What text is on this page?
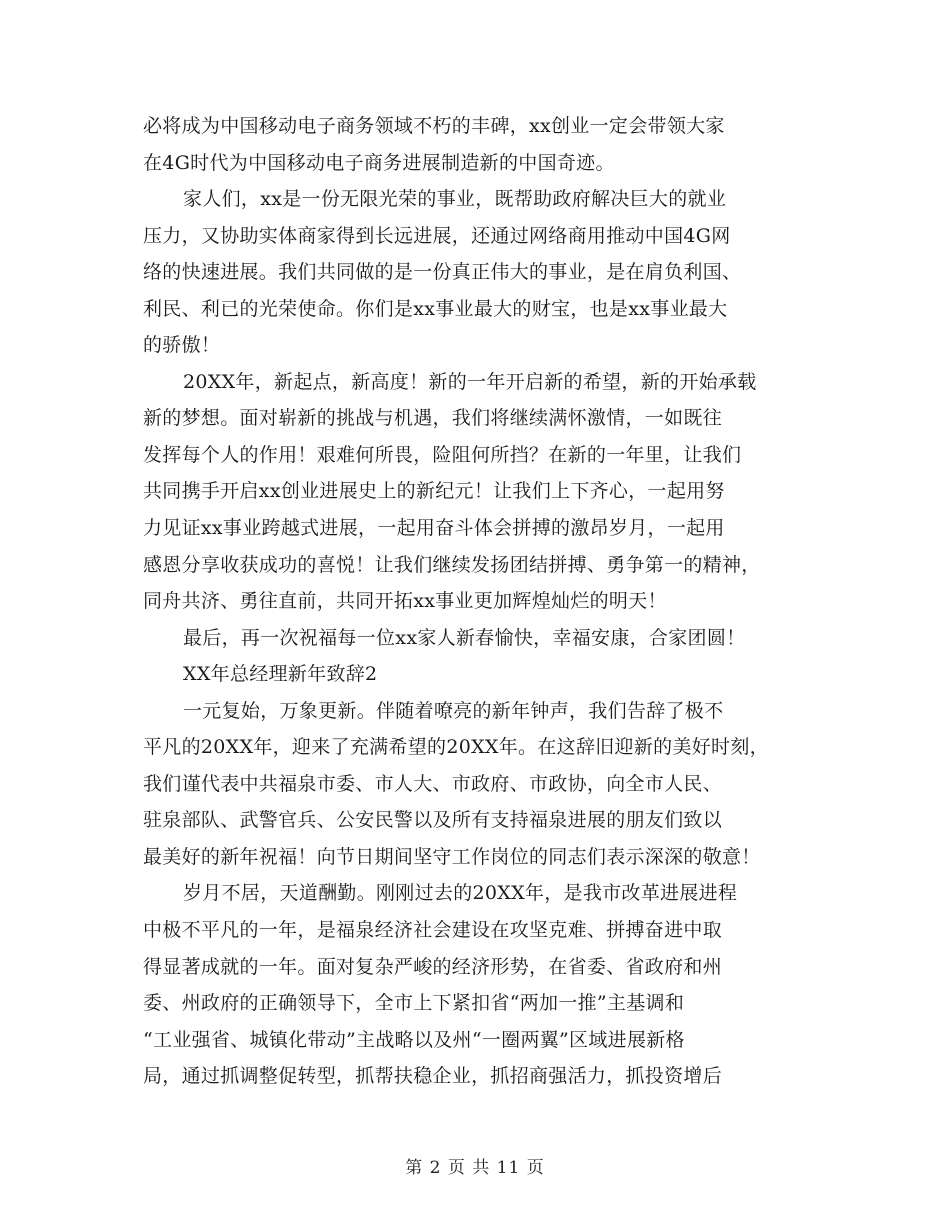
必将成为中国移动电子商务领域不朽的丰碑，xx创业一定会带领大家
在4G时代为中国移动电子商务进展制造新的中国奇迹。
家人们，xx是一份无限光荣的事业，既帮助政府解决巨大的就业
压力，又协助实体商家得到长远进展，还通过网络商用推动中国4G网
络的快速进展。我们共同做的是一份真正伟大的事业，是在肩负利国、
利民、利已的光荣使命。你们是xx事业最大的财宝，也是xx事业最大
的骄傲！
20XX年，新起点，新高度！新的一年开启新的希望，新的开始承载
新的梦想。面对崭新的挑战与机遇，我们将继续满怀激情，一如既往
发挥每个人的作用！艰难何所畏，险阻何所挡？在新的一年里，让我们
共同携手开启xx创业进展史上的新纪元！让我们上下齐心，一起用努
力见证xx事业跨越式进展，一起用奋斗体会拼搏的激昂岁月，一起用
感恩分享收获成功的喜悦！让我们继续发扬团结拼搏、勇争第一的精神，
同舟共济、勇往直前，共同开拓xx事业更加辉煌灿烂的明天！
最后，再一次祝福每一位xx家人新春愉快，幸福安康，合家团圆！
XX年总经理新年致辞2
一元复始，万象更新。伴随着嘹亮的新年钟声，我们告辞了极不
平凡的20XX年，迎来了充满希望的20XX年。在这辞旧迎新的美好时刻，
我们谨代表中共福泉市委、市人大、市政府、市政协，向全市人民、
驻泉部队、武警官兵、公安民警以及所有支持福泉进展的朋友们致以
最美好的新年祝福！向节日期间坚守工作岗位的同志们表示深深的敬意！
岁月不居，天道酬勤。刚刚过去的20XX年，是我市改革进展进程
中极不平凡的一年，是福泉经济社会建设在攻坚克难、拼搏奋进中取
得显著成就的一年。面对复杂严峻的经济形势，在省委、省政府和州
委、州政府的正确领导下，全市上下紧扣省“两加一推”主基调和
“工业强省、城镇化带动”主战略以及州“一圈两翼”区域进展新格
局，通过抓调整促转型，抓帮扶稳企业，抓招商强活力，抓投资增后
第 2 页 共 11 页
